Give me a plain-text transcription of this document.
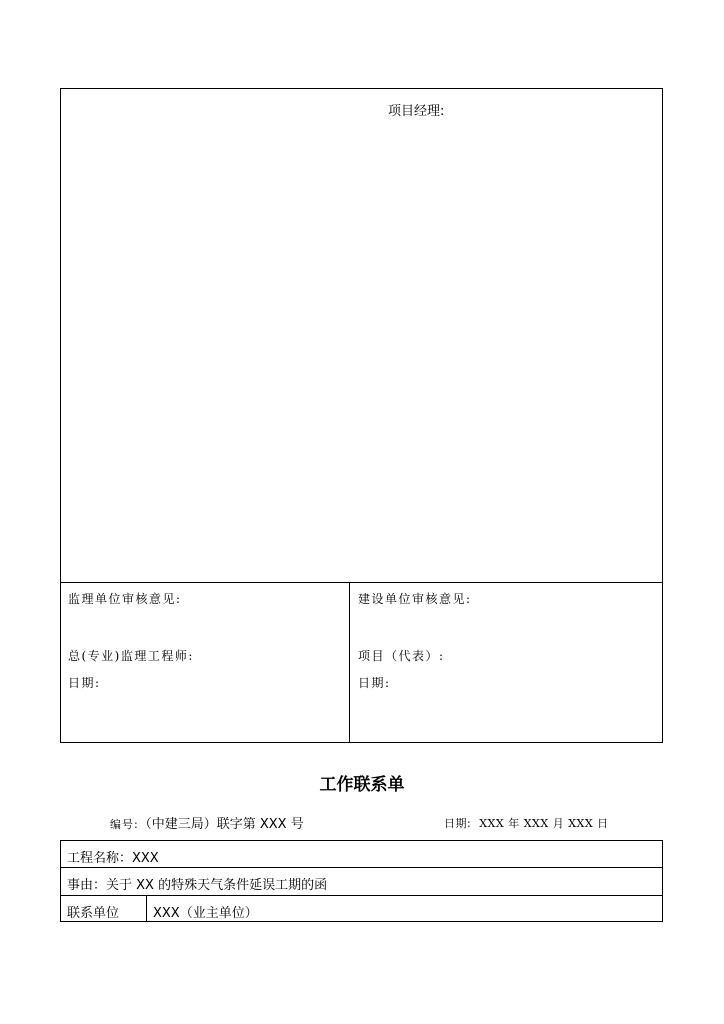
项目经理:
监理单位审核意见:
总(专业)监理工程师:
日期:
建设单位审核意见:
项目（代表）:
日期:
工作联系单
编号:（中建三局）联字第 XXX 号	日期: XXX 年 XXX 月 XXX 日
工程名称：XXX
事由：关于 XX 的特殊天气条件延误工期的函
联系单位	XXX（业主单位）
